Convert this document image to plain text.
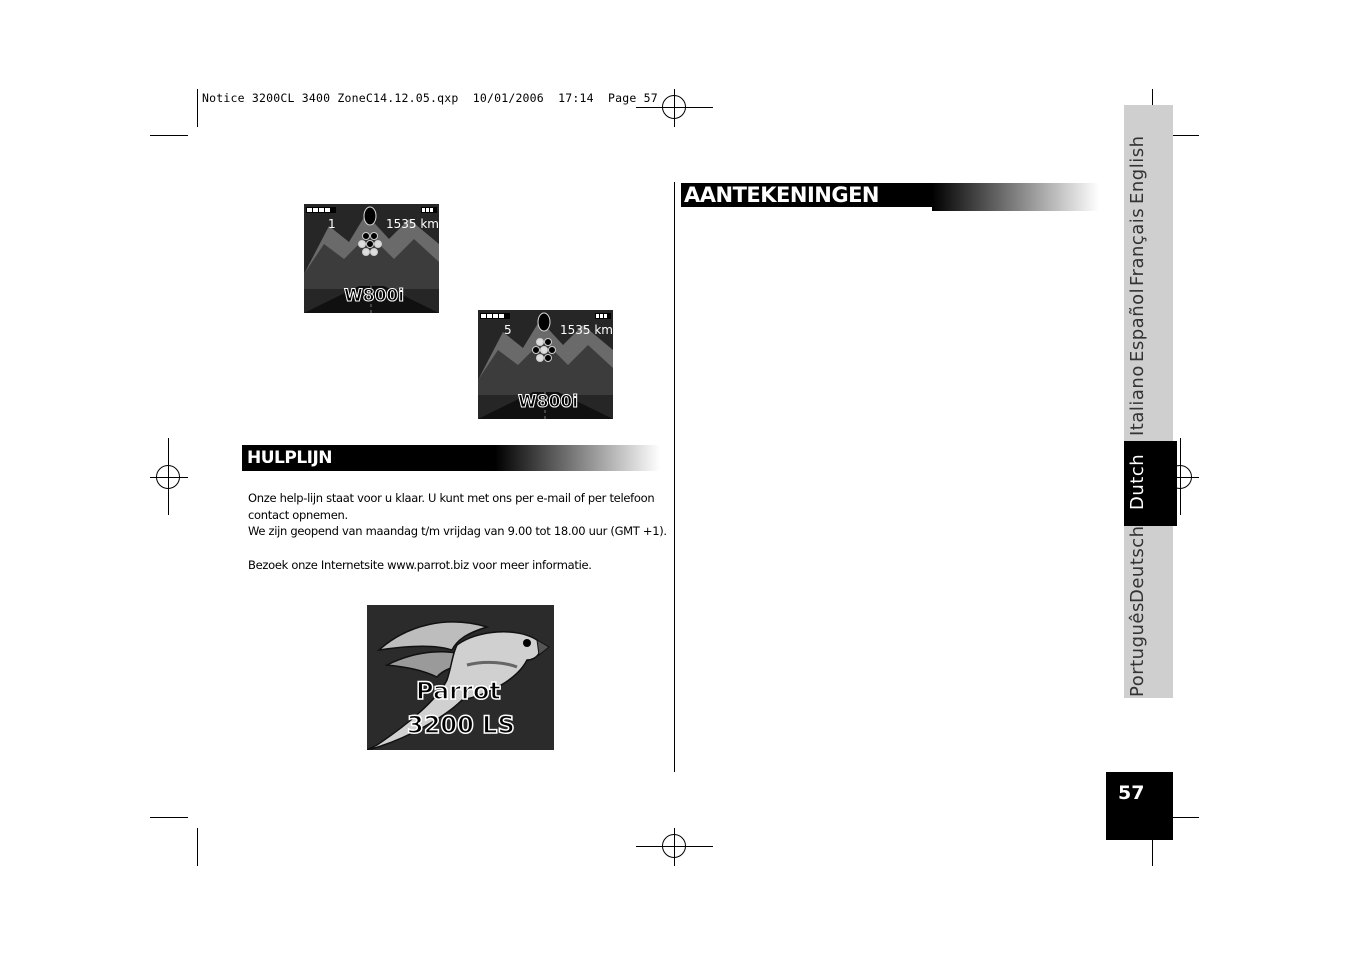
Notice 3200CL 3400 ZoneC14.12.05.qxp  10/01/2006  17:14  Page 57
1	1535 km
W800i
5	1535 km
W800i
HULPLIJN
Onze help-lijn staat voor u klaar. U kunt met ons per e-mail of per telefoon contact opnemen.
We zijn geopend van maandag t/m vrijdag van 9.00 tot 18.00 uur (GMT +1).
Bezoek onze Internetsite www.parrot.biz voor meer informatie.
Parrot
3200 LS
AANTEKENINGEN	English
Français
Español
Italiano
Dutch
Deutsch
Português
57
